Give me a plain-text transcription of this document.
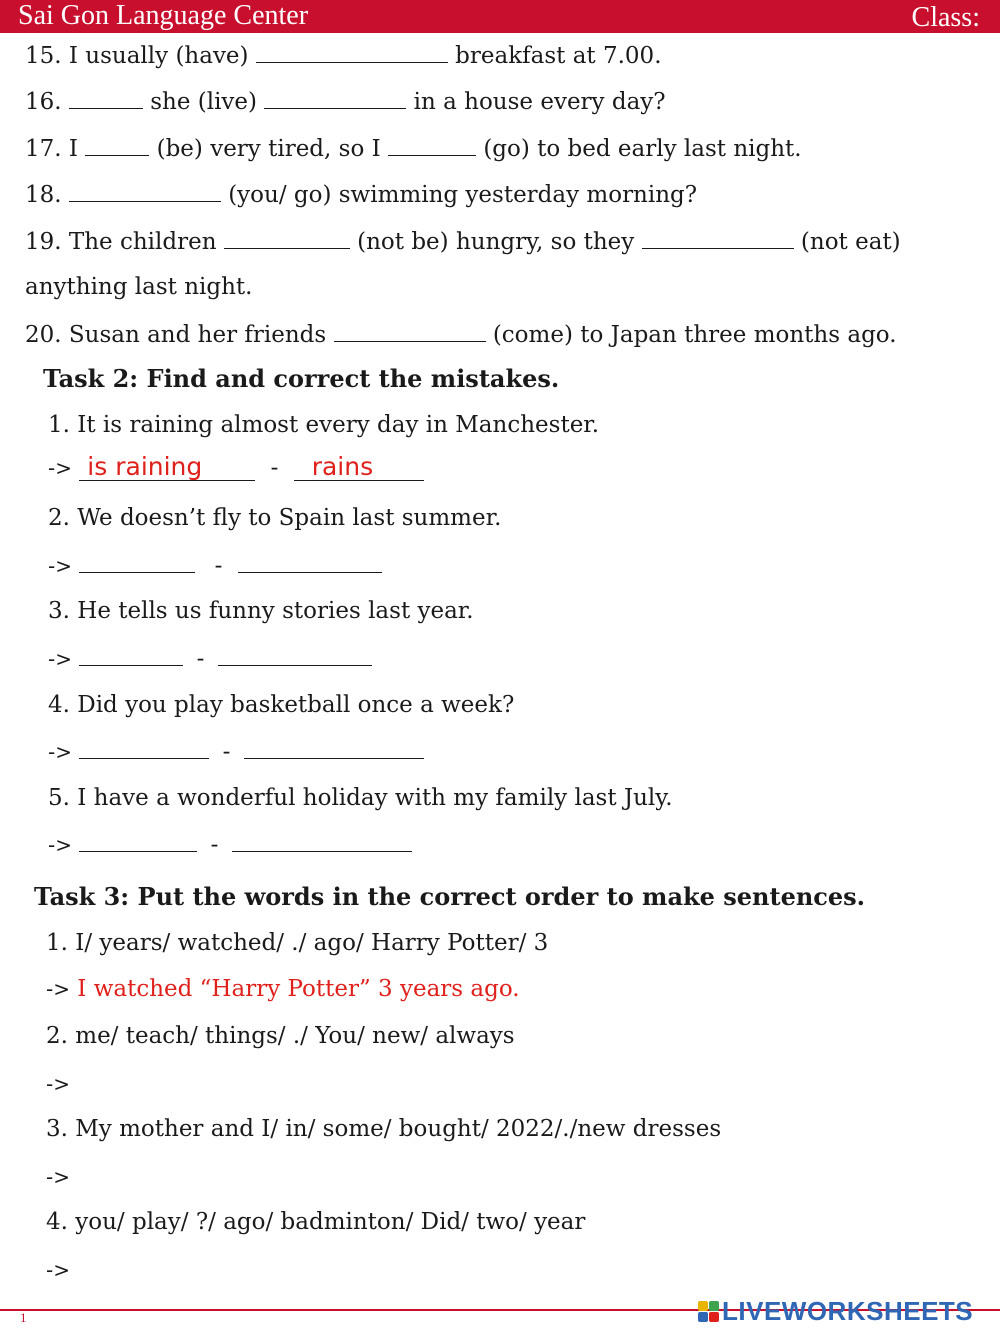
Sai Gon Language Center	Class:
15. I usually (have)	breakfast at 7.00.
16.	she (live)	in a house every day?
17. I	(be) very tired, so I	(go) to bed early last night.
18.	(you/ go) swimming yesterday morning?
19. The children	(not be) hungry, so they	(not eat)
anything last night.
20. Susan and her friends	(come) to Japan three months ago.
Task 2: Find and correct the mistakes.
1. It is raining almost every day in Manchester.
-> is raining	- rains
2. We doesn’t fly to Spain last summer.
->	-
3. He tells us funny stories last year.
->	-
4. Did you play basketball once a week?
->	-
5. I have a wonderful holiday with my family last July.
->	-
Task 3: Put the words in the correct order to make sentences.
1. I/ years/ watched/ ./ ago/ Harry Potter/ 3
-> I watched “Harry Potter” 3 years ago.
2. me/ teach/ things/ ./ You/ new/ always
->
3. My mother and I/ in/ some/ bought/ 2022/./new dresses
->
4. you/ play/ ?/ ago/ badminton/ Did/ two/ year
->
1	LIVEWORKSHEETS
